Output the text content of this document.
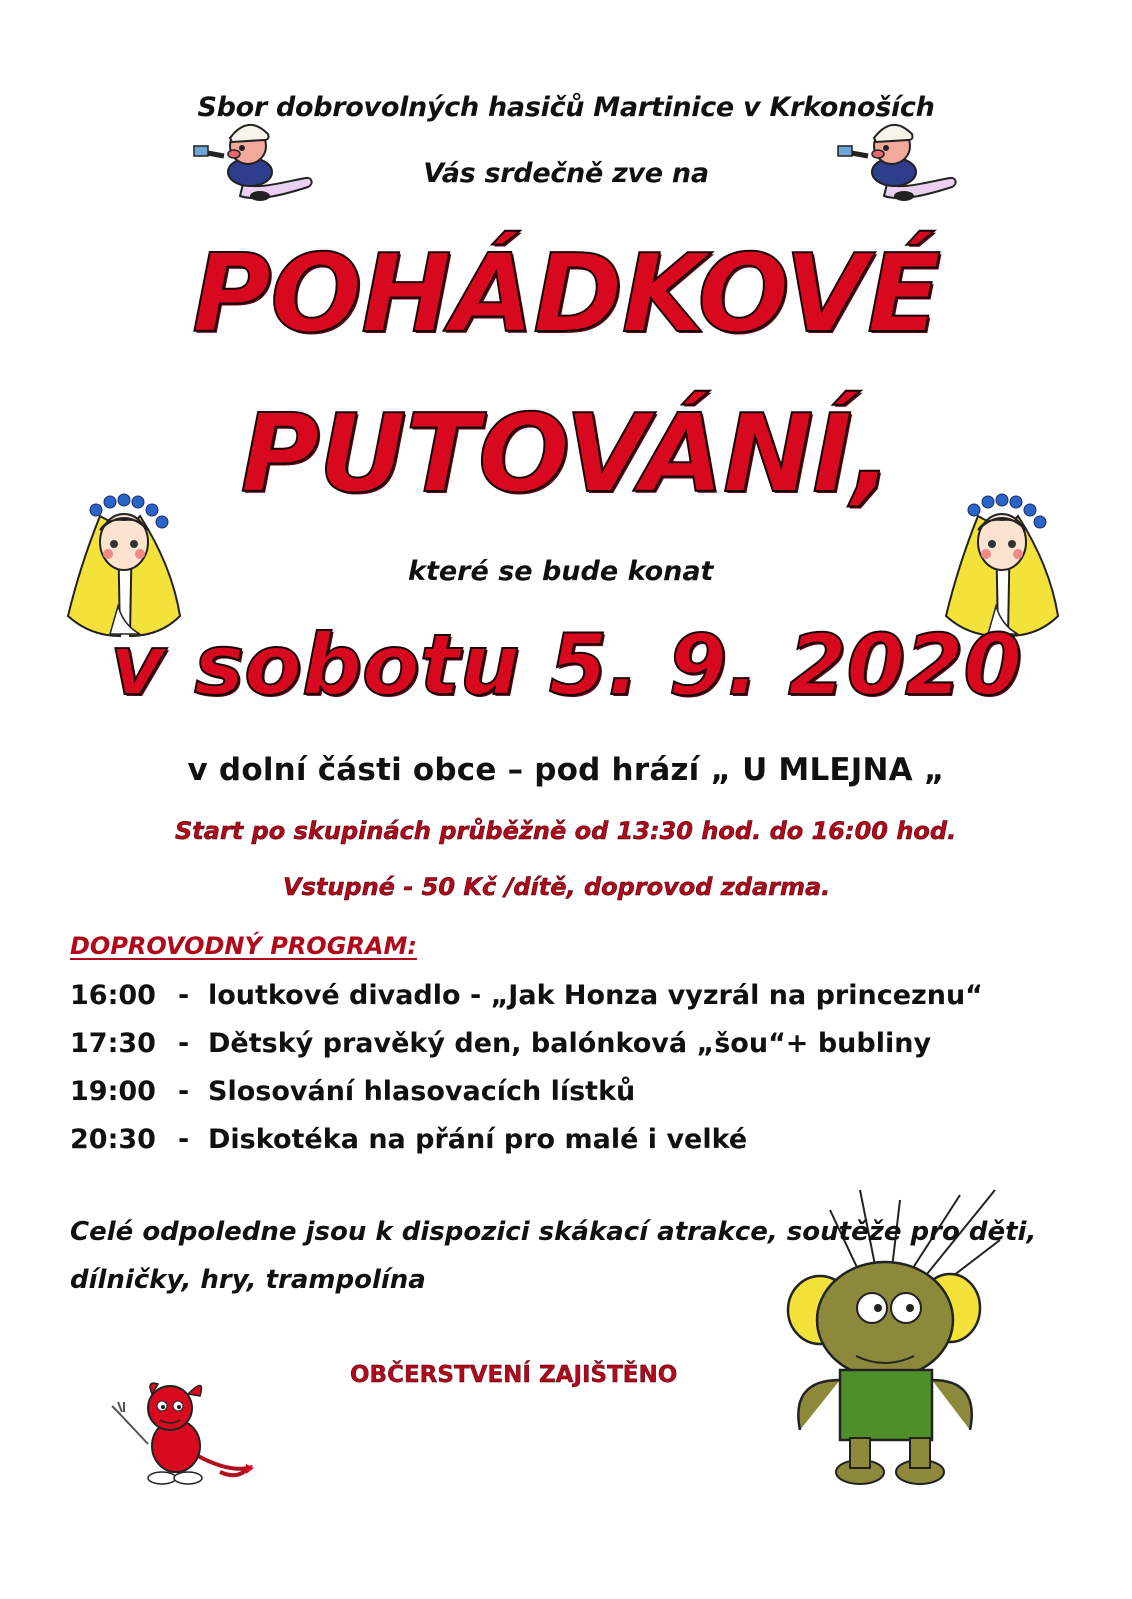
Sbor dobrovolných hasičů Martinice v Krkonoších

Vás srdečně zve na

POHÁDKOVÉ

PUTOVÁNÍ,

které se bude konat

v sobotu 5. 9. 2020

v dolní části obce – pod hrází „ U MLEJNA „

Start po skupinách průběžně od 13:30 hod. do 16:00 hod.

Vstupné - 50 Kč /dítě, doprovod zdarma.

DOPROVODNÝ PROGRAM:

16:00 - loutkové divadlo - „Jak Honza vyzrál na princeznu“
17:30 -Dětský pravěký den, balónková „šou“+ bubliny
19:00 - Slosování hlasovacích lístků
20:30 - Diskotéka na přání pro malé i velké

Celé odpoledne jsou k dispozici skákací atrakce, soutěže pro děti,

dílničky, hry, trampolína

OBČERSTVENÍ ZAJIŠTĚNO
